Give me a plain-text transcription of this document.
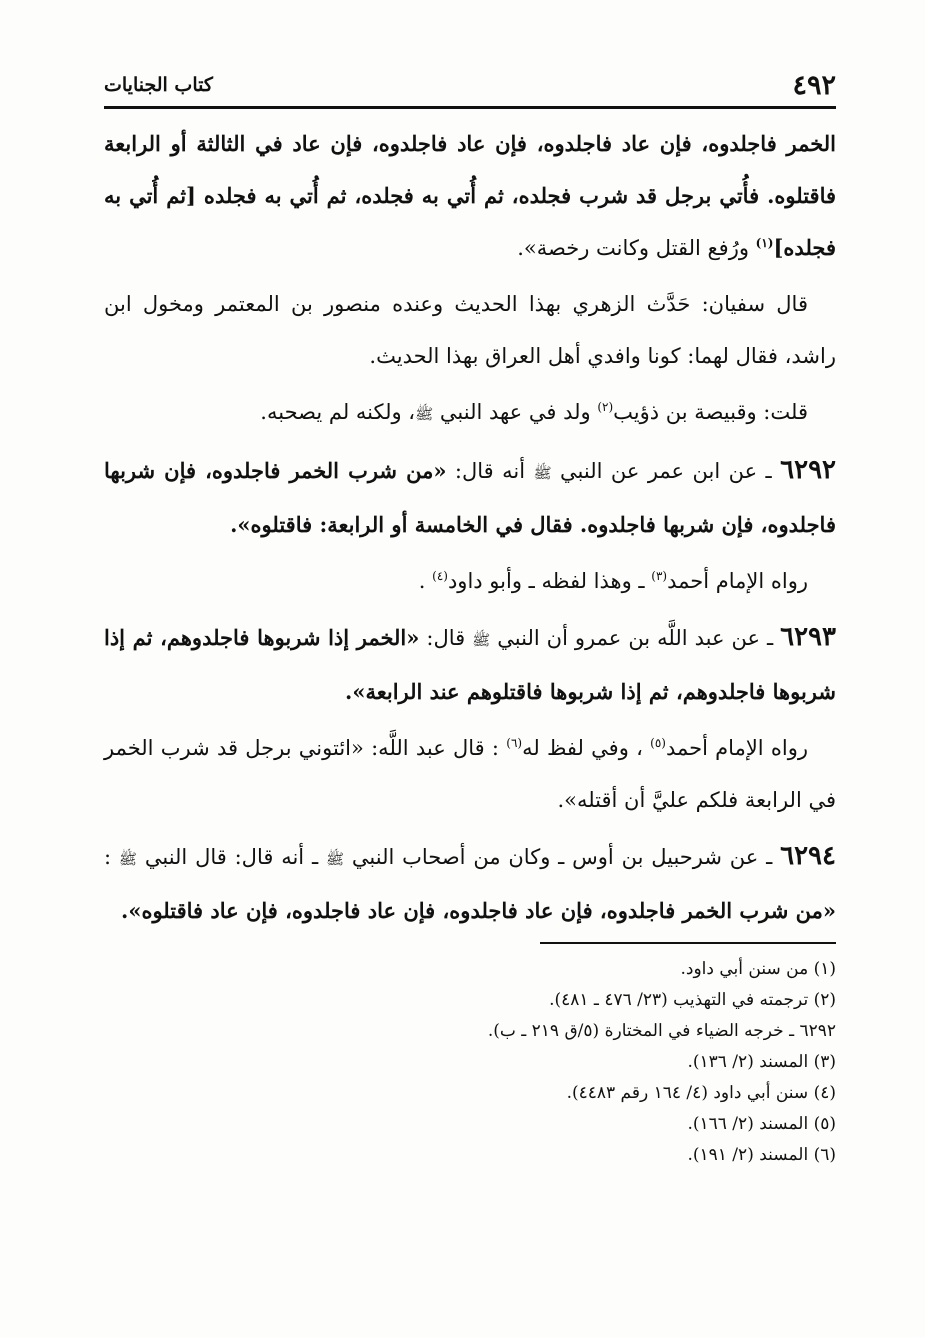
٤٩٢
كتاب الجنايات

الخمر فاجلدوه، فإن عاد فاجلدوه، فإن عاد فاجلدوه، فإن عاد في الثالثة أو الرابعة فاقتلوه. فأُتي برجل قد شرب فجلده، ثم أُتي به فجلده، ثم أُتي به فجلده [ثم أُتي به فجلده]$^{(١)}$ ورُفع القتل وكانت رخصة».

قال سفيان: حَدَّث الزهري بهذا الحديث وعنده منصور بن المعتمر ومخول ابن راشد، فقال لهما: كونا وافدي أهل العراق بهذا الحديث.

قلت: وقبيصة بن ذؤيب$^{(٢)}$ ولد في عهد النبي ﷺ، ولكنه لم يصحبه.

٦٢٩٢ ـ عن ابن عمر عن النبي ﷺ أنه قال: «من شرب الخمر فاجلدوه، فإن شربها فاجلدوه، فإن شربها فاجلدوه. فقال في الخامسة أو الرابعة: فاقتلوه».

رواه الإمام أحمد$^{(٣)}$ ـ وهذا لفظه ـ وأبو داود$^{(٤)}$ .

٦٢٩٣ ـ عن عبد اللَّه بن عمرو أن النبي ﷺ قال: «الخمر إذا شربوها فاجلدوهم، ثم إذا شربوها فاجلدوهم، ثم إذا شربوها فاقتلوهم عند الرابعة».

رواه الإمام أحمد$^{(٥)}$ ، وفي لفظ له$^{(٦)}$ : قال عبد اللَّه: «ائتوني برجل قد شرب الخمر في الرابعة فلكم عليَّ أن أقتله».

٦٢٩٤ ـ عن شرحبيل بن أوس ـ وكان من أصحاب النبي ﷺ ـ أنه قال: قال النبي ﷺ : «من شرب الخمر فاجلدوه، فإن عاد فاجلدوه، فإن عاد فاجلدوه، فإن عاد فاقتلوه».

(١) من سنن أبي داود.
(٢) ترجمته في التهذيب (٢٣/ ٤٧٦ ـ ٤٨١).
٦٢٩٢ ـ خرجه الضياء في المختارة (٥/ق ٢١٩ ـ ب).
(٣) المسند (٢/ ١٣٦).
(٤) سنن أبي داود (٤/ ١٦٤ رقم ٤٤٨٣).
(٥) المسند (٢/ ١٦٦).
(٦) المسند (٢/ ١٩١).
